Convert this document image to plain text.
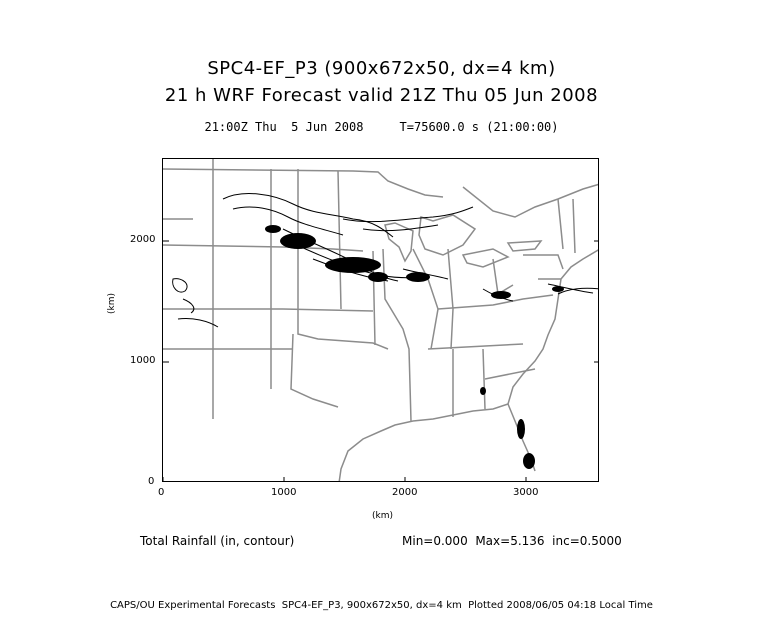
SPC4-EF_P3 (900x672x50, dx=4 km)
21 h WRF Forecast valid 21Z Thu 05 Jun 2008
21:00Z Thu  5 Jun 2008     T=75600.0 s (21:00:00)
0	1000	2000	3000
(km)
0
1000
2000
(km)
Total Rainfall (in, contour)	Min=0.000  Max=5.136  inc=0.5000
CAPS/OU Experimental Forecasts  SPC4-EF_P3, 900x672x50, dx=4 km  Plotted 2008/06/05 04:18 Local Time
